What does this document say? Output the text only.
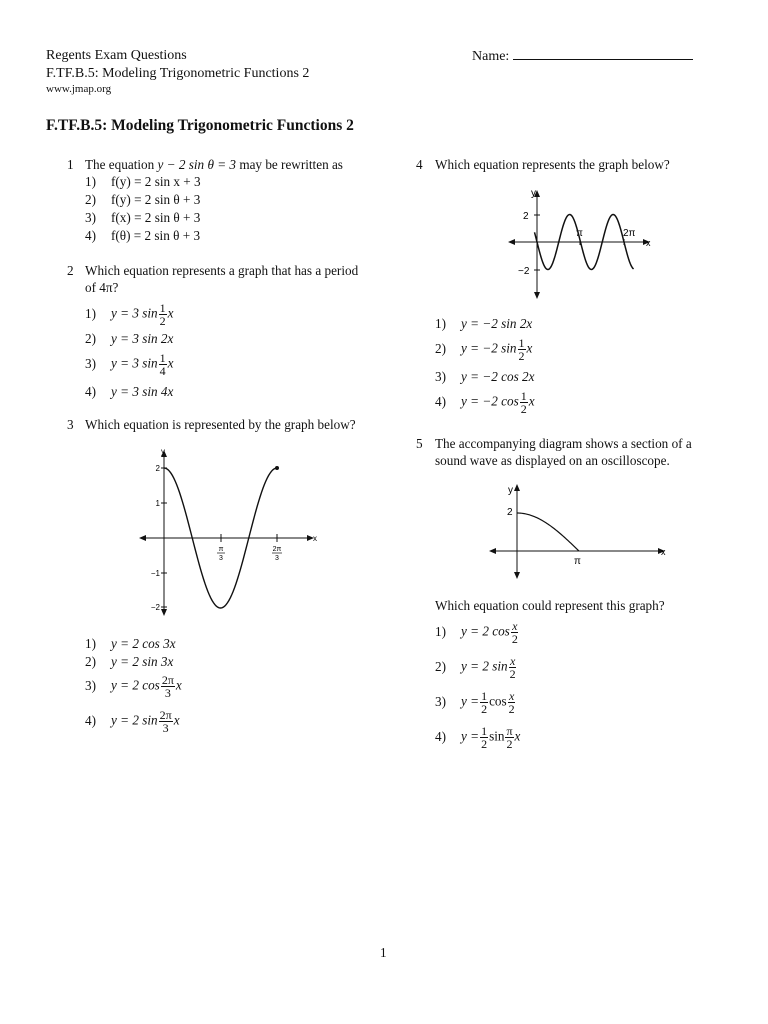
Regents Exam Questions
F.TF.B.5: Modeling Trigonometric Functions 2
www.jmap.org
Name:
F.TF.B.5: Modeling Trigonometric Functions 2
1 The equation y − 2 sin θ = 3 may be rewritten as
1) f(y) = 2 sin x + 3
2) f(y) = 2 sin θ + 3
3) f(x) = 2 sin θ + 3
4) f(θ) = 2 sin θ + 3
2 Which equation represents a graph that has a period
of 4π?
1) y = 3 $\sin \frac{1}{2}$ x
2) y = 3 sin 2x
3) y = 3 $\sin \frac{1}{4}$ x
4) y = 3 sin 4x
3 Which equation is represented by the graph below?
y
x
2
1
−1
−2
π
3
2π
3
1) y = 2 cos 3x
2) y = 2 sin 3x
3) y = 2 $\cos \frac{2\pi}{3}$ x
4) y = 2 $\sin \frac{2\pi}{3}$ x
4 Which equation represents the graph below?
y
x
2
−2
π	2π
1) y = −2 sin 2x
2) y = −2 $\sin \frac{1}{2}$ x
3) y = −2 cos 2x
4) y = −2 $\cos \frac{1}{2}$ x
5 The accompanying diagram shows a section of a
sound wave as displayed on an oscilloscope.
y
x
2
π
Which equation could represent this graph?
1) y = 2 $\cos \frac{x}{2}$
2) y = 2 $\sin \frac{x}{2}$
3) $y = \frac{1}{2}$ $\cos \frac{x}{2}$
4) $y = \frac{1}{2}$ $\sin \frac{\pi}{2}$ x
1
